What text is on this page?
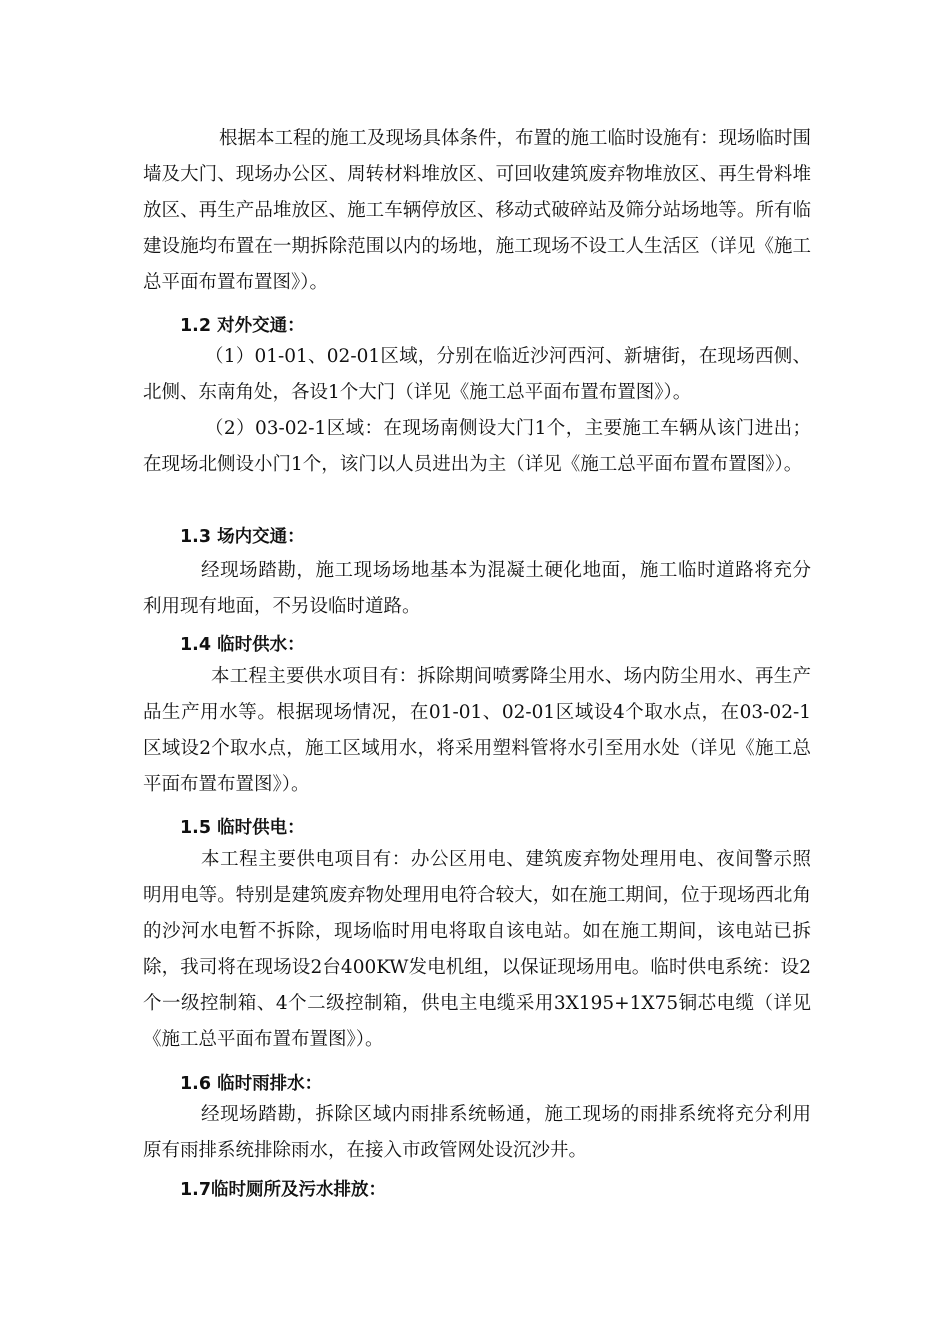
根据本工程的施工及现场具体条件，布置的施工临时设施有：现场临时围墙及大门、现场办公区、周转材料堆放区、可回收建筑废弃物堆放区、再生骨料堆放区、再生产品堆放区、施工车辆停放区、移动式破碎站及筛分站场地等。所有临建设施均布置在一期拆除范围以内的场地，施工现场不设工人生活区（详见《施工总平面布置布置图》）。

1.2 对外交通：

（1）01-01、02-01区域，分别在临近沙河西河、新塘街，在现场西侧、北侧、东南角处，各设1个大门（详见《施工总平面布置布置图》）。

（2）03-02-1区域：在现场南侧设大门1个，主要施工车辆从该门进出；在现场北侧设小门1个，该门以人员进出为主（详见《施工总平面布置布置图》）。

1.3 场内交通：

经现场踏勘，施工现场场地基本为混凝土硬化地面，施工临时道路将充分利用现有地面，不另设临时道路。

1.4 临时供水：

本工程主要供水项目有：拆除期间喷雾降尘用水、场内防尘用水、再生产品生产用水等。根据现场情况，在01-01、02-01区域设4个取水点，在03-02-1区域设2个取水点，施工区域用水，将采用塑料管将水引至用水处（详见《施工总平面布置布置图》）。

1.5 临时供电：

本工程主要供电项目有：办公区用电、建筑废弃物处理用电、夜间警示照明用电等。特别是建筑废弃物处理用电符合较大，如在施工期间，位于现场西北角的沙河水电暂不拆除，现场临时用电将取自该电站。如在施工期间，该电站已拆除，我司将在现场设2台400KW发电机组，以保证现场用电。临时供电系统：设2个一级控制箱、4个二级控制箱，供电主电缆采用3X195+1X75铜芯电缆（详见《施工总平面布置布置图》）。

1.6 临时雨排水：

经现场踏勘，拆除区域内雨排系统畅通，施工现场的雨排系统将充分利用原有雨排系统排除雨水，在接入市政管网处设沉沙井。

1.7临时厕所及污水排放：
